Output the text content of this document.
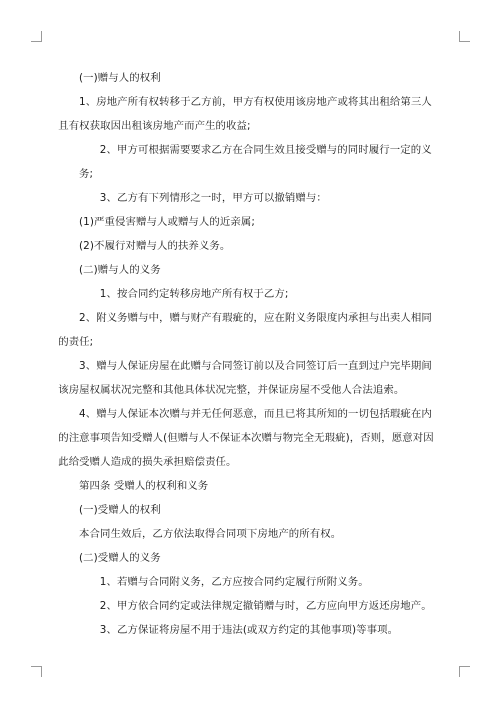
(一)赠与人的权利

1、房地产所有权转移于乙方前，甲方有权使用该房地产或将其出租给第三人且有权获取因出租该房地产而产生的收益;

2、甲方可根据需要要求乙方在合同生效且接受赠与的同时履行一定的义务;

3、乙方有下列情形之一时，甲方可以撤销赠与：

(1)严重侵害赠与人或赠与人的近亲属;

(2)不履行对赠与人的扶养义务。

(二)赠与人的义务

1、按合同约定转移房地产所有权于乙方;

2、附义务赠与中，赠与财产有瑕疵的，应在附义务限度内承担与出卖人相同的责任;

3、赠与人保证房屋在此赠与合同签订前以及合同签订后一直到过户完毕期间该房屋权属状况完整和其他具体状况完整，并保证房屋不受他人合法追索。

4、赠与人保证本次赠与并无任何恶意，而且已将其所知的一切包括瑕疵在内的注意事项告知受赠人(但赠与人不保证本次赠与物完全无瑕疵)，否则，愿意对因此给受赠人造成的损失承担赔偿责任。

第四条 受赠人的权利和义务

(一)受赠人的权利

本合同生效后，乙方依法取得合同项下房地产的所有权。

(二)受赠人的义务

1、若赠与合同附义务，乙方应按合同约定履行所附义务。

2、甲方依合同约定或法律规定撤销赠与时，乙方应向甲方返还房地产。

3、乙方保证将房屋不用于违法(或双方约定的其他事项)等事项。
